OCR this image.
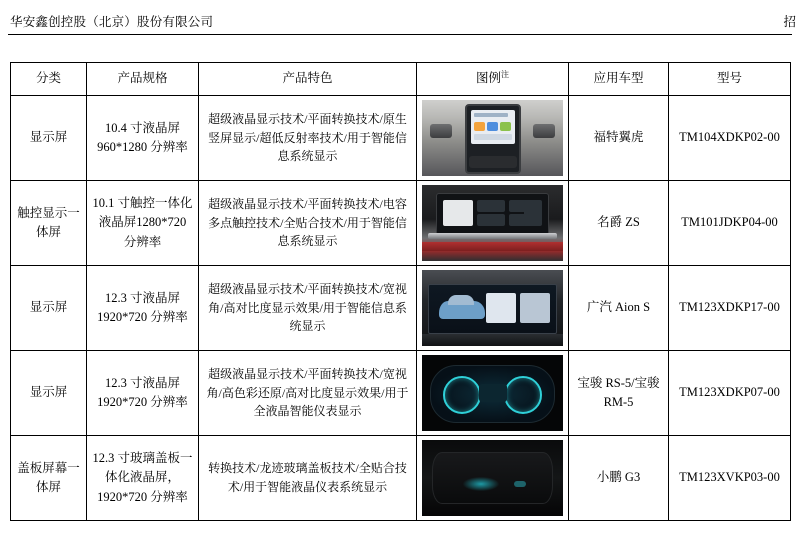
华安鑫创控股（北京）股份有限公司	招
分类	产品规格	产品特色	图例$^注$	应用车型	型号
显示屏	10.4 寸液晶屏960*1280 分辨率	超级液晶显示技术/平面转换技术/原生竖屏显示/超低反射率技术/用于智能信息系统显示		福特翼虎	TM104XDKP02-00
触控显示一体屏	10.1 寸触控一体化液晶屏1280*720 分辨率	超级液晶显示技术/平面转换技术/电容多点触控技术/全贴合技术/用于智能信息系统显示		名爵 ZS	TM101JDKP04-00
显示屏	12.3 寸液晶屏1920*720 分辨率	超级液晶显示技术/平面转换技术/宽视角/高对比度显示效果/用于智能信息系统显示		广汽 Aion S	TM123XDKP17-00
显示屏	12.3 寸液晶屏1920*720 分辨率	超级液晶显示技术/平面转换技术/宽视角/高色彩还原/高对比度显示效果/用于全液晶智能仪表显示		宝骏 RS-5/宝骏 RM-5	TM123XDKP07-00
盖板屏幕一体屏	12.3 寸玻璃盖板一体化液晶屏，1920*720 分辨率	转换技术/龙迹玻璃盖板技术/全贴合技术/用于智能液晶仪表系统显示		小鹏 G3	TM123XVKP03-00
